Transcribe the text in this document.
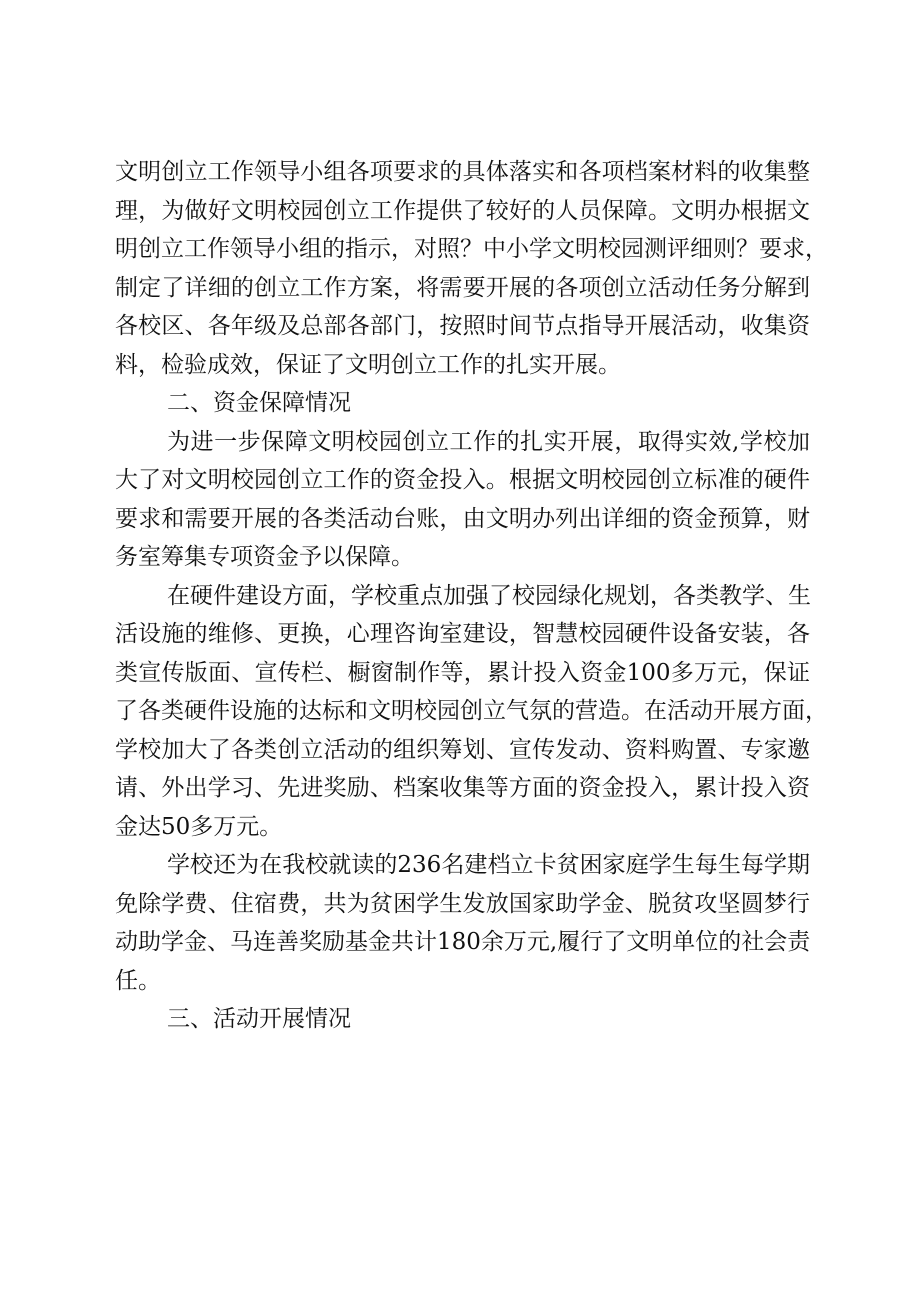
文明创立工作领导小组各项要求的具体落实和各项档案材料的收集整
理，为做好文明校园创立工作提供了较好的人员保障。文明办根据文
明创立工作领导小组的指示，对照？中小学文明校园测评细则？要求，
制定了详细的创立工作方案，将需要开展的各项创立活动任务分解到
各校区、各年级及总部各部门，按照时间节点指导开展活动，收集资
料，检验成效，保证了文明创立工作的扎实开展。
二、资金保障情况
为进一步保障文明校园创立工作的扎实开展，取得实效,学校加
大了对文明校园创立工作的资金投入。根据文明校园创立标准的硬件
要求和需要开展的各类活动台账，由文明办列出详细的资金预算，财
务室筹集专项资金予以保障。
在硬件建设方面，学校重点加强了校园绿化规划，各类教学、生
活设施的维修、更换，心理咨询室建设，智慧校园硬件设备安装，各
类宣传版面、宣传栏、橱窗制作等，累计投入资金100多万元，保证
了各类硬件设施的达标和文明校园创立气氛的营造。在活动开展方面，
学校加大了各类创立活动的组织筹划、宣传发动、资料购置、专家邀
请、外出学习、先进奖励、档案收集等方面的资金投入，累计投入资
金达50多万元。
学校还为在我校就读的236名建档立卡贫困家庭学生每生每学期
免除学费、住宿费，共为贫困学生发放国家助学金、脱贫攻坚圆梦行
动助学金、马连善奖励基金共计180余万元,履行了文明单位的社会责
任。
三、活动开展情况
